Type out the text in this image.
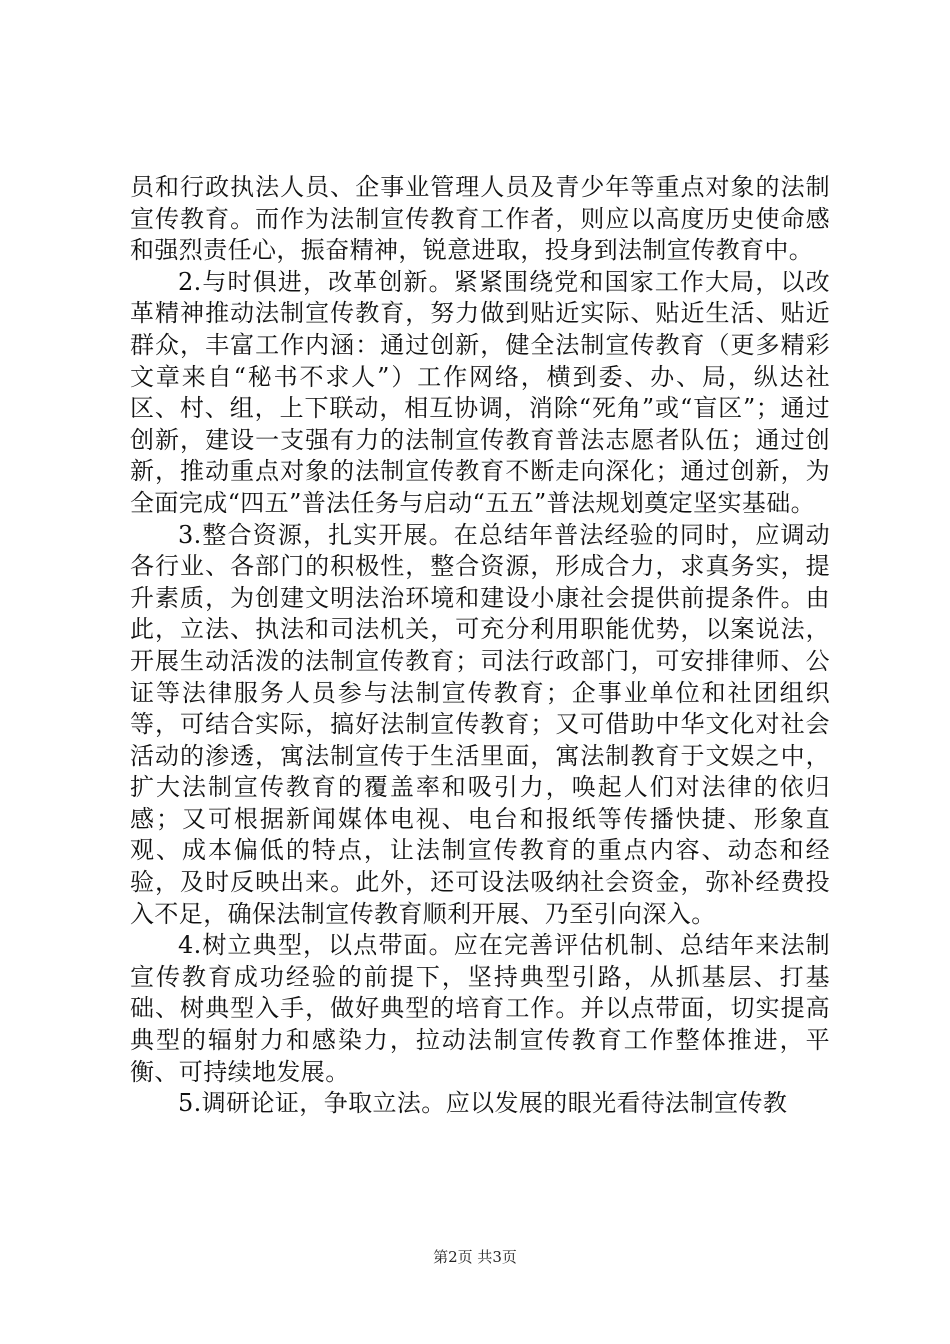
员和行政执法人员、企事业管理人员及青少年等重点对象的法制宣传教育。而作为法制宣传教育工作者，则应以高度历史使命感和强烈责任心，振奋精神，锐意进取，投身到法制宣传教育中。

2.与时俱进，改革创新。紧紧围绕党和国家工作大局，以改革精神推动法制宣传教育，努力做到贴近实际、贴近生活、贴近群众，丰富工作内涵：通过创新，健全法制宣传教育（更多精彩文章来自“秘书不求人”）工作网络，横到委、办、局，纵达社区、村、组，上下联动，相互协调，消除“死角”或“盲区”；通过创新，建设一支强有力的法制宣传教育普法志愿者队伍；通过创新，推动重点对象的法制宣传教育不断走向深化；通过创新，为全面完成“四五”普法任务与启动“五五”普法规划奠定坚实基础。

3.整合资源，扎实开展。在总结年普法经验的同时，应调动各行业、各部门的积极性，整合资源，形成合力，求真务实，提升素质，为创建文明法治环境和建设小康社会提供前提条件。由此，立法、执法和司法机关，可充分利用职能优势，以案说法，开展生动活泼的法制宣传教育；司法行政部门，可安排律师、公证等法律服务人员参与法制宣传教育；企事业单位和社团组织等，可结合实际，搞好法制宣传教育；又可借助中华文化对社会活动的渗透，寓法制宣传于生活里面，寓法制教育于文娱之中，扩大法制宣传教育的覆盖率和吸引力，唤起人们对法律的依归感；又可根据新闻媒体电视、电台和报纸等传播快捷、形象直观、成本偏低的特点，让法制宣传教育的重点内容、动态和经验，及时反映出来。此外，还可设法吸纳社会资金，弥补经费投入不足，确保法制宣传教育顺利开展、乃至引向深入。

4.树立典型，以点带面。应在完善评估机制、总结年来法制宣传教育成功经验的前提下，坚持典型引路，从抓基层、打基础、树典型入手，做好典型的培育工作。并以点带面，切实提高典型的辐射力和感染力，拉动法制宣传教育工作整体推进，平衡、可持续地发展。

5.调研论证，争取立法。应以发展的眼光看待法制宣传教

第2页 共3页
